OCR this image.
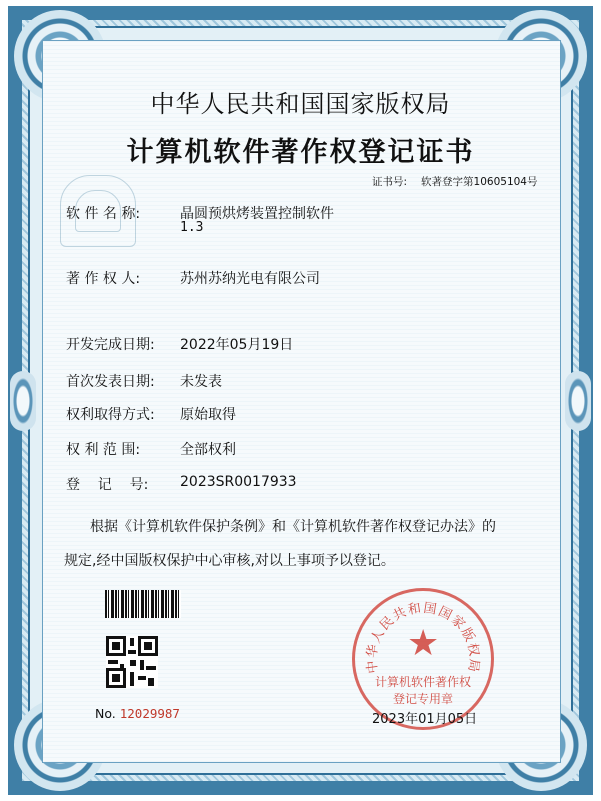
中华人民共和国国家版权局
计算机软件著作权登记证书
证书号: 软著登字第10605104号
软 件 名 称:	晶圆预烘烤装置控制软件
1.3
著 作 权 人:	苏州苏纳光电有限公司
开发完成日期: 2022年05月19日
首次发表日期: 未发表
权利取得方式: 原始取得
权 利 范 围:	全部权利
登    记    号: 2023SR0017933
根据《计算机软件保护条例》和《计算机软件著作权登记办法》的
规定,经中国版权保护中心审核,对以上事项予以登记。
No. 12029987
中华人民共和国国家版权局
★
计算机软件著作权
登记专用章
2023年01月05日
